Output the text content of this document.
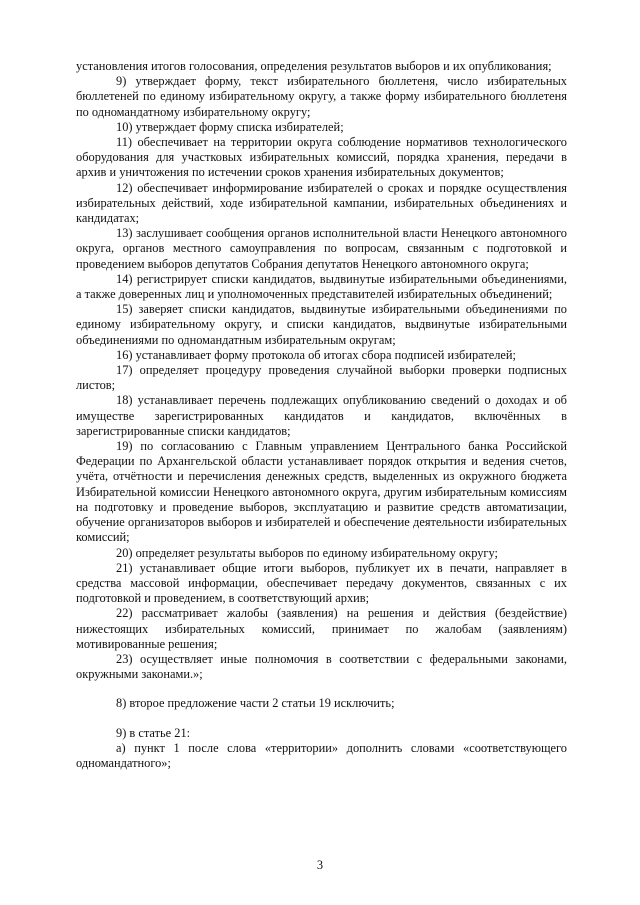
установления итогов голосования, определения результатов выборов и их опубликования;

9) утверждает форму, текст избирательного бюллетеня, число избирательных бюллетеней по единому избирательному округу, а также форму избирательного бюллетеня по одномандатному избирательному округу;

10) утверждает форму списка избирателей;

11) обеспечивает на территории округа соблюдение нормативов технологического оборудования для участковых избирательных комиссий, порядка хранения, передачи в архив и уничтожения по истечении сроков хранения избирательных документов;

12) обеспечивает информирование избирателей о сроках и порядке осуществления избирательных действий, ходе избирательной кампании, избирательных объединениях и кандидатах;

13) заслушивает сообщения органов исполнительной власти Ненецкого автономного округа, органов местного самоуправления по вопросам, связанным с подготовкой и проведением выборов депутатов Собрания депутатов Ненецкого автономного округа;

14) регистрирует списки кандидатов, выдвинутые избирательными объединениями, а также доверенных лиц и уполномоченных представителей избирательных объединений;

15) заверяет списки кандидатов, выдвинутые избирательными объединениями по единому избирательному округу, и списки кандидатов, выдвинутые избирательными объединениями по одномандатным избирательным округам;

16) устанавливает форму протокола об итогах сбора подписей избирателей;

17) определяет процедуру проведения случайной выборки проверки подписных листов;

18) устанавливает перечень подлежащих опубликованию сведений о доходах и об имуществе зарегистрированных кандидатов и кандидатов, включённых в зарегистрированные списки кандидатов;

19) по согласованию с Главным управлением Центрального банка Российской Федерации по Архангельской области устанавливает порядок открытия и ведения счетов, учёта, отчётности и перечисления денежных средств, выделенных из окружного бюджета Избирательной комиссии Ненецкого автономного округа, другим избирательным комиссиям на подготовку и проведение выборов, эксплуатацию и развитие средств автоматизации, обучение организаторов выборов и избирателей и обеспечение деятельности избирательных комиссий;

20) определяет результаты выборов по единому избирательному округу;

21) устанавливает общие итоги выборов, публикует их в печати, направляет в средства массовой информации, обеспечивает передачу документов, связанных с их подготовкой и проведением, в соответствующий архив;

22) рассматривает жалобы (заявления) на решения и действия (бездействие) нижестоящих избирательных комиссий, принимает по жалобам (заявлениям) мотивированные решения;

23) осуществляет иные полномочия в соответствии с федеральными законами, окружными законами.»;

8) второе предложение части 2 статьи 19 исключить;

9) в статье 21:

а) пункт 1 после слова «территории» дополнить словами «соответствующего одномандатного»;

3
